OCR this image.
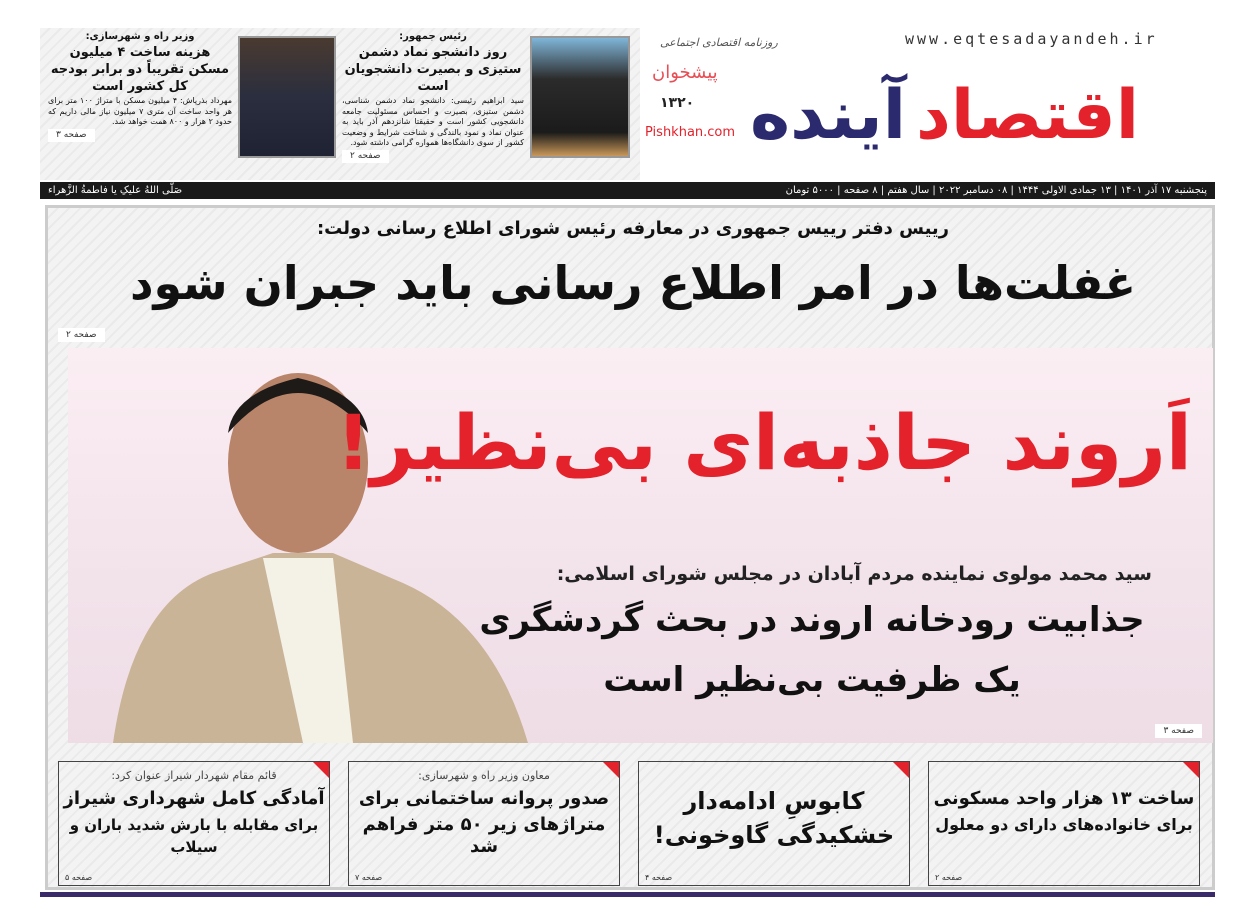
رئیس جمهور:
روز دانشجو نماد دشمن ستیزی و بصیرت دانشجویان است
سید ابراهیم رئیسی: دانشجو نماد دشمن شناسی، دشمن ستیزی، بصیرت و احساس مسئولیت جامعه دانشجویی کشور است و حقیقتا شانزدهم آذر باید به عنوان نماد و نمود بالندگی و شناخت شرایط و وضعیت کشور از سوی دانشگاه‌ها همواره گرامی داشته شود.
صفحه ۲
وزیر راه و شهرسازی:
هزینه ساخت ۴ میلیون مسکن تقریباً دو برابر بودجه کل کشور است
مهرداد بذرپاش: ۴ میلیون مسکن با متراژ ۱۰۰ متر برای هر واحد ساخت آن متری ۷ میلیون نیاز مالی داریم که حدود ۲ هزار و ۸۰۰ همت خواهد شد.
صفحه ۳
www.eqtesadayandeh.ir
روزنامه اقتصادی اجتماعی
اقتصاد
آینده
پیشخوان
۱۳۲۰
Pishkhan.com
پنجشنبه ۱۷ آذر ۱۴۰۱ | ۱۳ جمادی الاولی ۱۴۴۴ | ۰۸ دسامبر ۲۰۲۲ | سال هفتم | ۸ صفحه | ۵۰۰۰ تومان
صَلَّی اللهُ علیکِ یا فاطمةُ الزَّهراء
رییس دفتر رییس جمهوری در معارفه رئیس شورای اطلاع رسانی دولت:
غفلت‌ها در امر اطلاع رسانی باید جبران شود
صفحه ۲
اَروند جاذبه‌ای بی‌نظیر!
سید محمد مولوی نماینده مردم آبادان در مجلس شورای اسلامی:
جذابیت رودخانه اروند در بحث گردشگری
یک ظرفیت بی‌نظیر است
صفحه ۳
ساخت ۱۳ هزار واحد مسکونی
برای خانواده‌های دارای دو معلول
صفحه ۲
کابوسِ ادامه‌دار
خشکیدگی گاوخونی!
صفحه ۴
معاون وزیر راه و شهرسازی:
صدور پروانه ساختمانی برای
متراژهای زیر ۵۰ متر فراهم شد
صفحه ۷
قائم مقام شهردار شیراز عنوان کرد:
آمادگی کامل شهرداری شیراز
برای مقابله با بارش شدید باران و سیلاب
صفحه ۵
